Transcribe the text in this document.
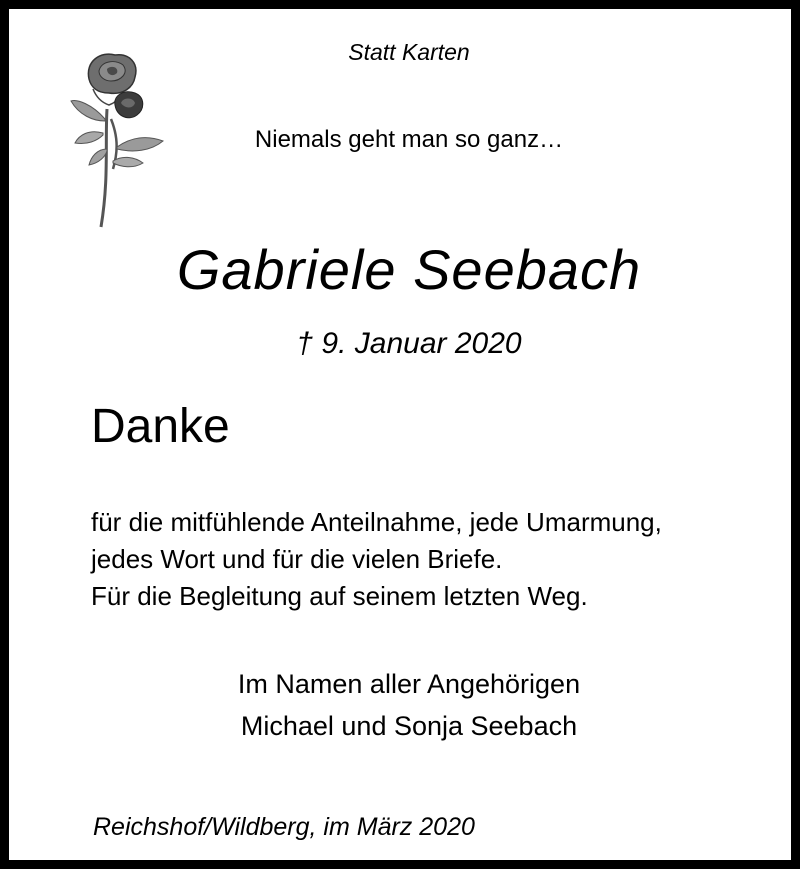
Statt Karten
Niemals geht man so ganz…
Gabriele Seebach
† 9. Januar 2020
Danke
für die mitfühlende Anteilnahme, jede Umarmung,
jedes Wort und für die vielen Briefe.
Für die Begleitung auf seinem letzten Weg.
Im Namen aller Angehörigen
Michael und Sonja Seebach
Reichshof/Wildberg, im März 2020
